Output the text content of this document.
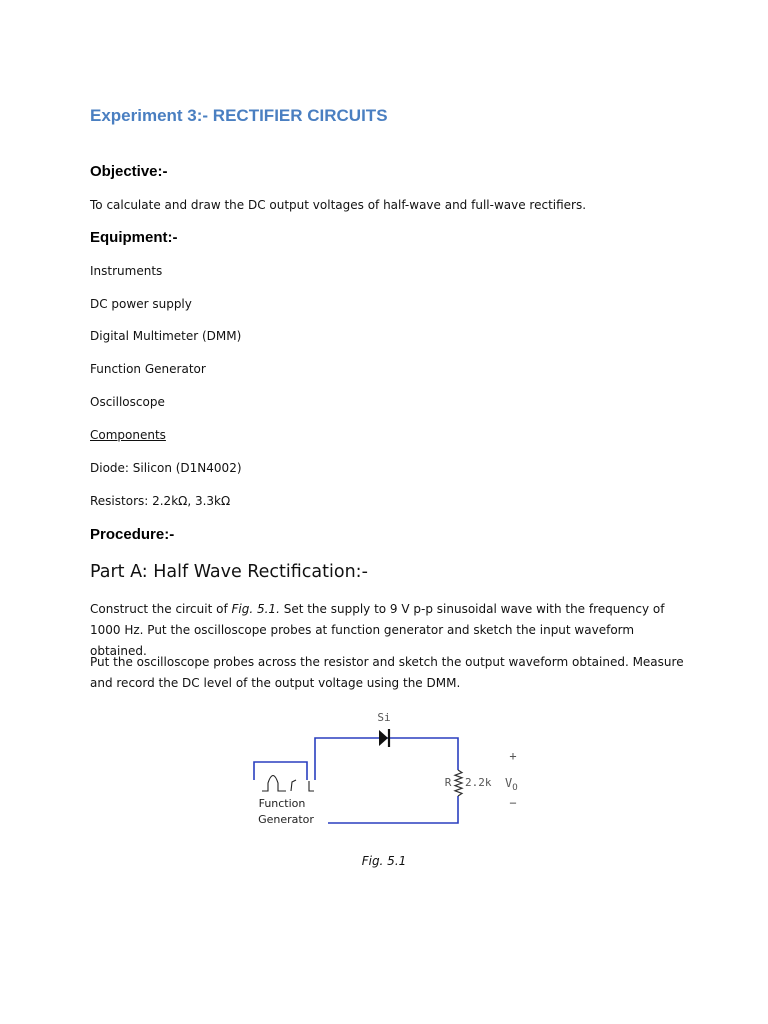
Experiment 3:- RECTIFIER CIRCUITS
Objective:-
To calculate and draw the DC output voltages of half-wave and full-wave rectifiers.
Equipment:-
Instruments
DC power supply
Digital Multimeter (DMM)
Function Generator
Oscilloscope
Components
Diode: Silicon (D1N4002)
Resistors: 2.2kΩ, 3.3kΩ
Procedure:-
Part A: Half Wave Rectification:-
Construct the circuit of Fig. 5.1. Set the supply to 9 V p-p sinusoidal wave with the frequency of 1000 Hz. Put the oscilloscope probes at function generator and sketch the input waveform obtained.
Put the oscilloscope probes across the resistor and sketch the output waveform obtained. Measure and record the DC level of the output voltage using the DMM.
Si
R 2.2k
+
$V_O$
−
Function
Generator
Fig. 5.1
